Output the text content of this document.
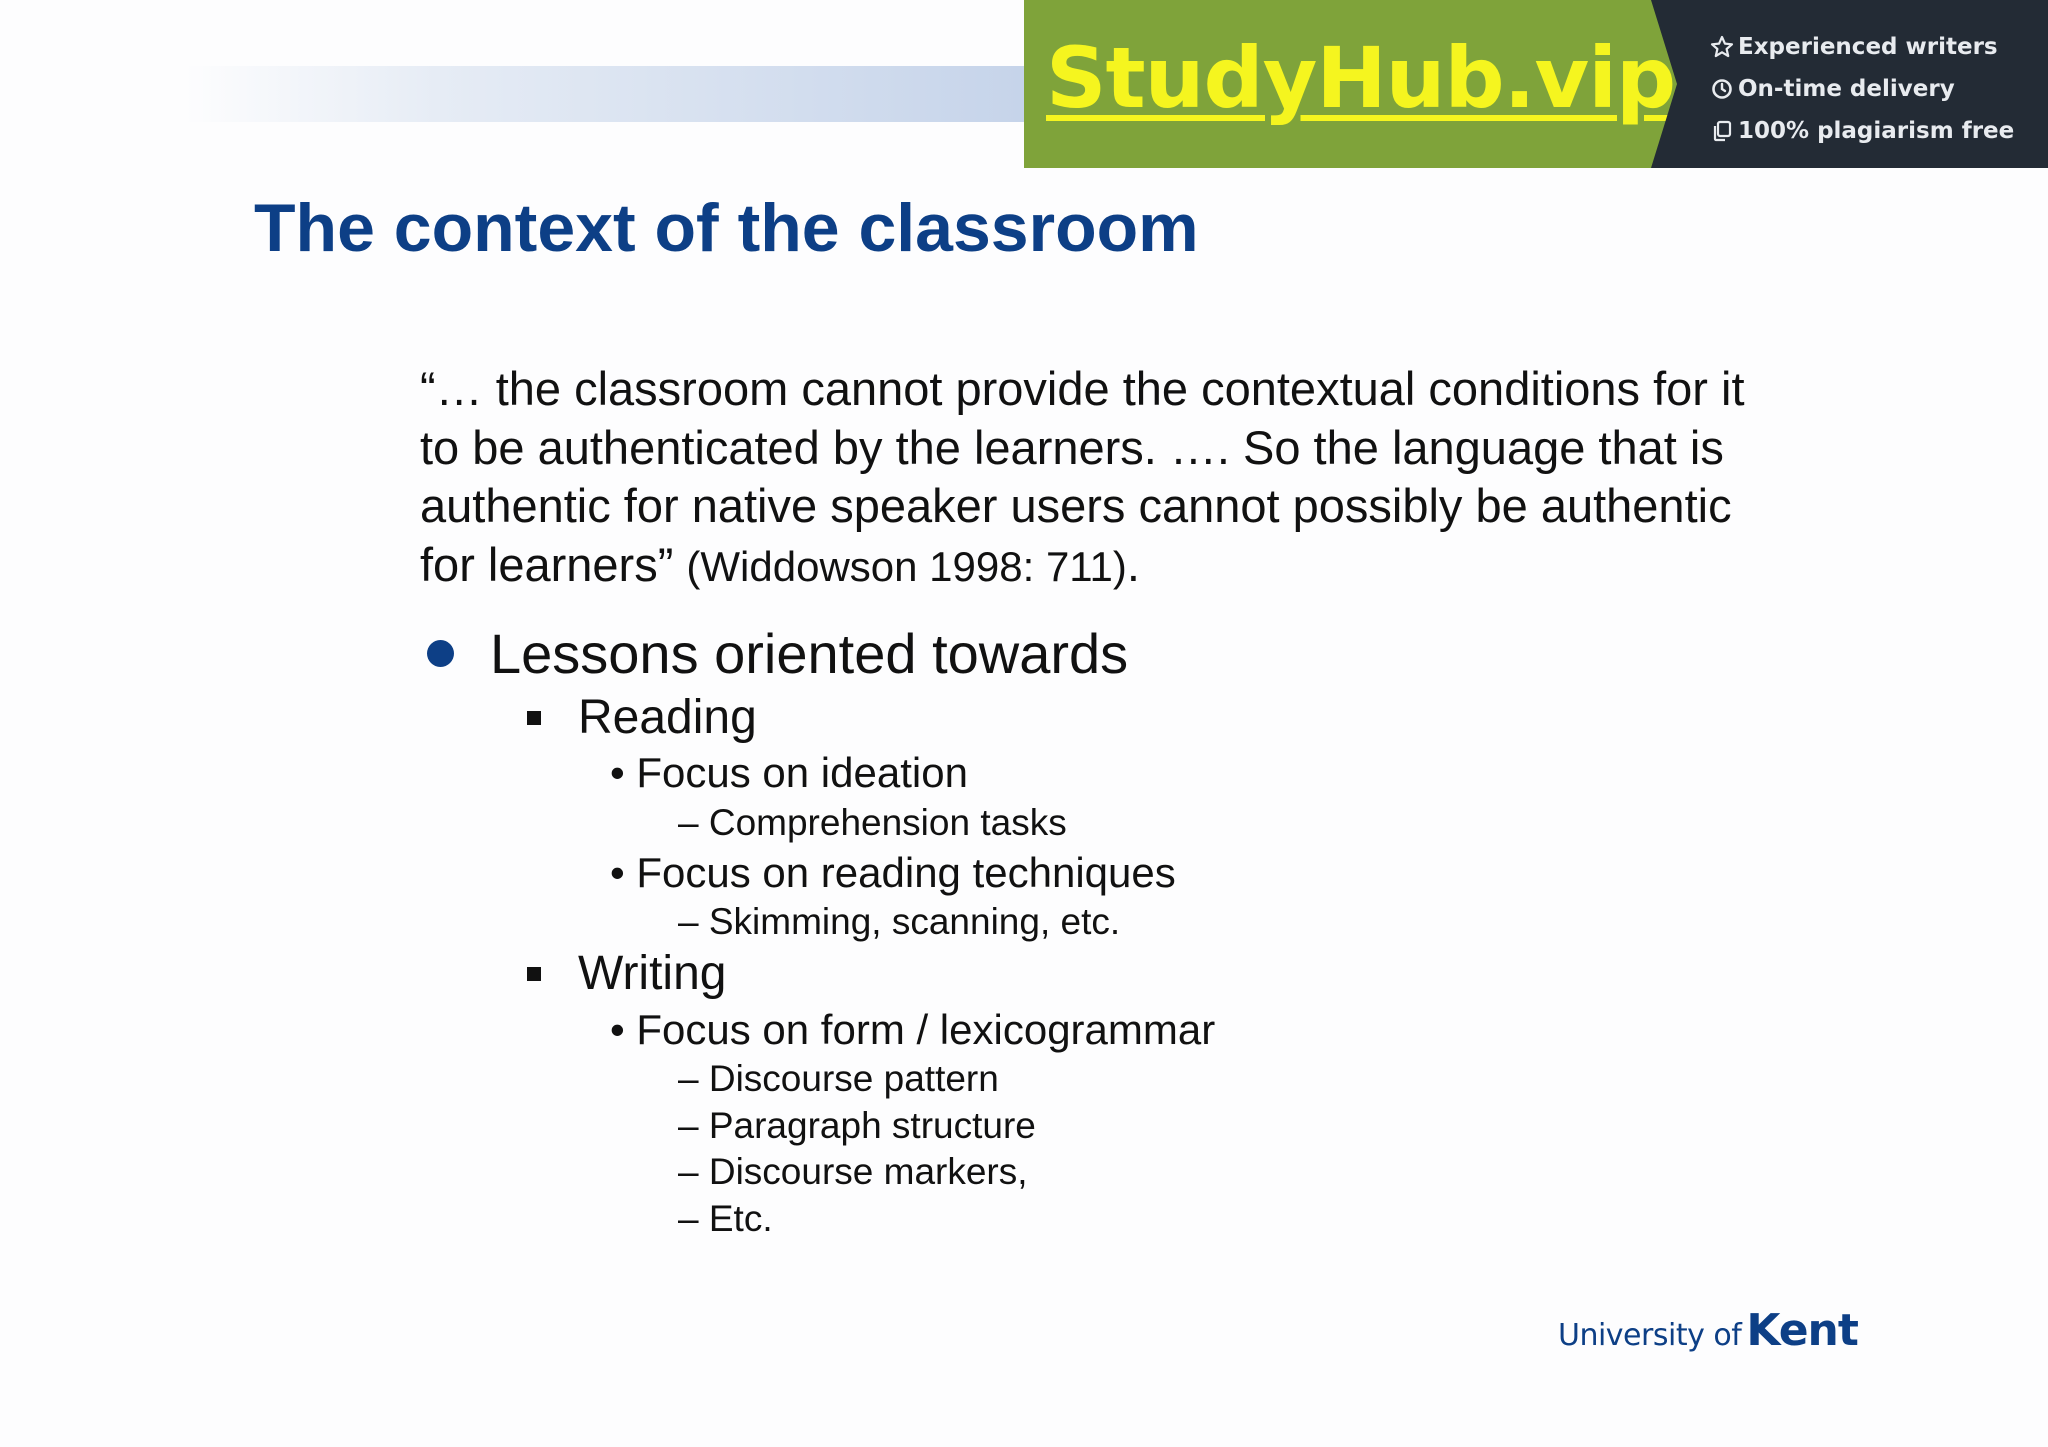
StudyHub.vip	Experienced writers
On-time delivery
100% plagiarism free
The context of the classroom
“… the classroom cannot provide the contextual conditions for it to be authenticated by the learners. …. So the language that is authentic for native speaker users cannot possibly be authentic for learners” (Widdowson 1998: 711).
Lessons oriented towards
Reading
• Focus on ideation
– Comprehension tasks
• Focus on reading techniques
– Skimming, scanning, etc.
Writing
• Focus on form / lexicogrammar
– Discourse pattern
– Paragraph structure
– Discourse markers,
– Etc.
University of Kent
